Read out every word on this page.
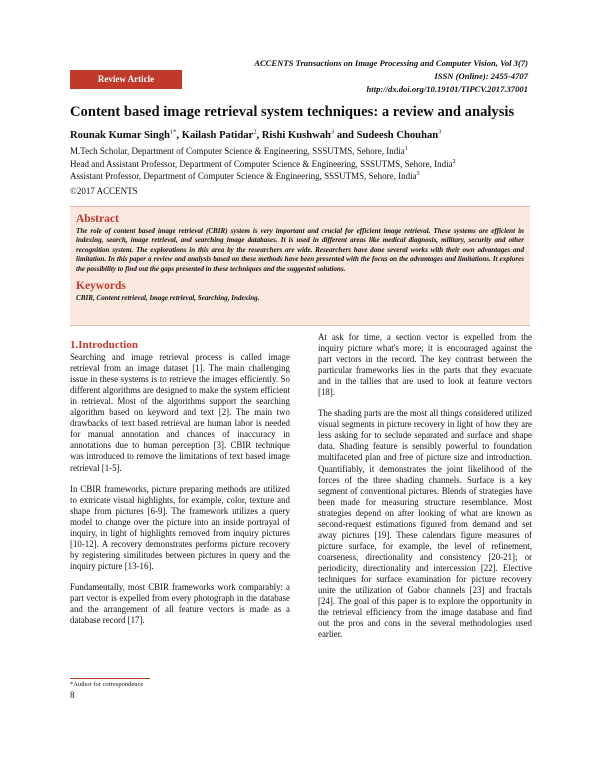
Review Article
ACCENTS Transactions on Image Processing and Computer Vision, Vol 3(7)
ISSN (Online): 2455-4707
http://dx.doi.org/10.19101/TIPCV.2017.37001
Content based image retrieval system techniques: a review and analysis
Rounak Kumar Singh$^{1*}$, Kailash Patidar$^2$, Rishi Kushwah$^3$ and Sudeesh Chouhan$^3$
M.Tech Scholar, Department of Computer Science & Engineering, SSSUTMS, Sehore, India$^1$
Head and Assistant Professor, Department of Computer Science & Engineering, SSSUTMS, Sehore, India$^2$
Assistant Professor, Department of Computer Science & Engineering, SSSUTMS, Sehore, India$^3$
©2017 ACCENTS
Abstract

The role of content based image retrieval (CBIR) system is very important and crucial for efficient image retrieval. These systems are efficient in indexing, search, image retrieval, and searching image databases. It is used in different areas like medical diagnosis, military, security and other recognition system. The explorations in this area by the researchers are wide. Researchers have done several works with their own advantages and limitation. In this paper a review and analysis based on these methods have been presented with the focus on the advantages and limitations. It explores the possibility to find out the gaps presented in these techniques and the suggested solutions.

Keywords

CBIR, Content retrieval, Image retrieval, Searching, Indexing.

1.Introduction

Searching and image retrieval process is called image retrieval from an image dataset [1]. The main challenging issue in these systems is to retrieve the images efficiently. So different algorithms are designed to make the system efficient in retrieval. Most of the algorithms support the searching algorithm based on keyword and text [2]. The main two drawbacks of text based retrieval are human labor is needed for manual annotation and chances of inaccuracy in annotations due to human perception [3]. CBIR technique was introduced to remove the limitations of text based image retrieval [1-5].

In CBIR frameworks, picture preparing methods are utilized to extricate visual highlights, for example, color, texture and shape from pictures [6-9]. The framework utilizes a query model to change over the picture into an inside portrayal of inquiry, in light of highlights removed from inquiry pictures [10-12]. A recovery demonstrates performs picture recovery by registering similitudes between pictures in query and the inquiry picture [13-16].

Fundamentally, most CBIR frameworks work comparably: a part vector is expelled from every photograph in the database and the arrangement of all feature vectors is made as a database record [17].

At ask for time, a section vector is expelled from the inquiry picture what's more; it is encouraged against the part vectors in the record. The key contrast between the particular frameworks lies in the parts that they evacuate and in the tallies that are used to look at feature vectors [18].

The shading parts are the most all things considered utilized visual segments in picture recovery in light of how they are less asking for to seclude separated and surface and shape data. Shading feature is sensibly powerful to foundation multifaceted plan and free of picture size and introduction. Quantifiably, it demonstrates the joint likelihood of the forces of the three shading channels. Surface is a key segment of conventional pictures. Blends of strategies have been made for measuring structure resemblance. Most strategies depend on after looking of what are known as second-request estimations figured from demand and set away pictures [19]. These calendars figure measures of picture surface, for example, the level of refinement, coarseness, directionality and consistency [20-21]; or periodicity, directionality and intercession [22]. Elective techniques for surface examination for picture recovery unite the utilization of Gabor channels [23] and fractals [24]. The goal of this paper is to explore the opportunity in the retrieval efficiency from the image database and find out the pros and cons in the several methodologies used earlier.

*Author for correspondence
8
